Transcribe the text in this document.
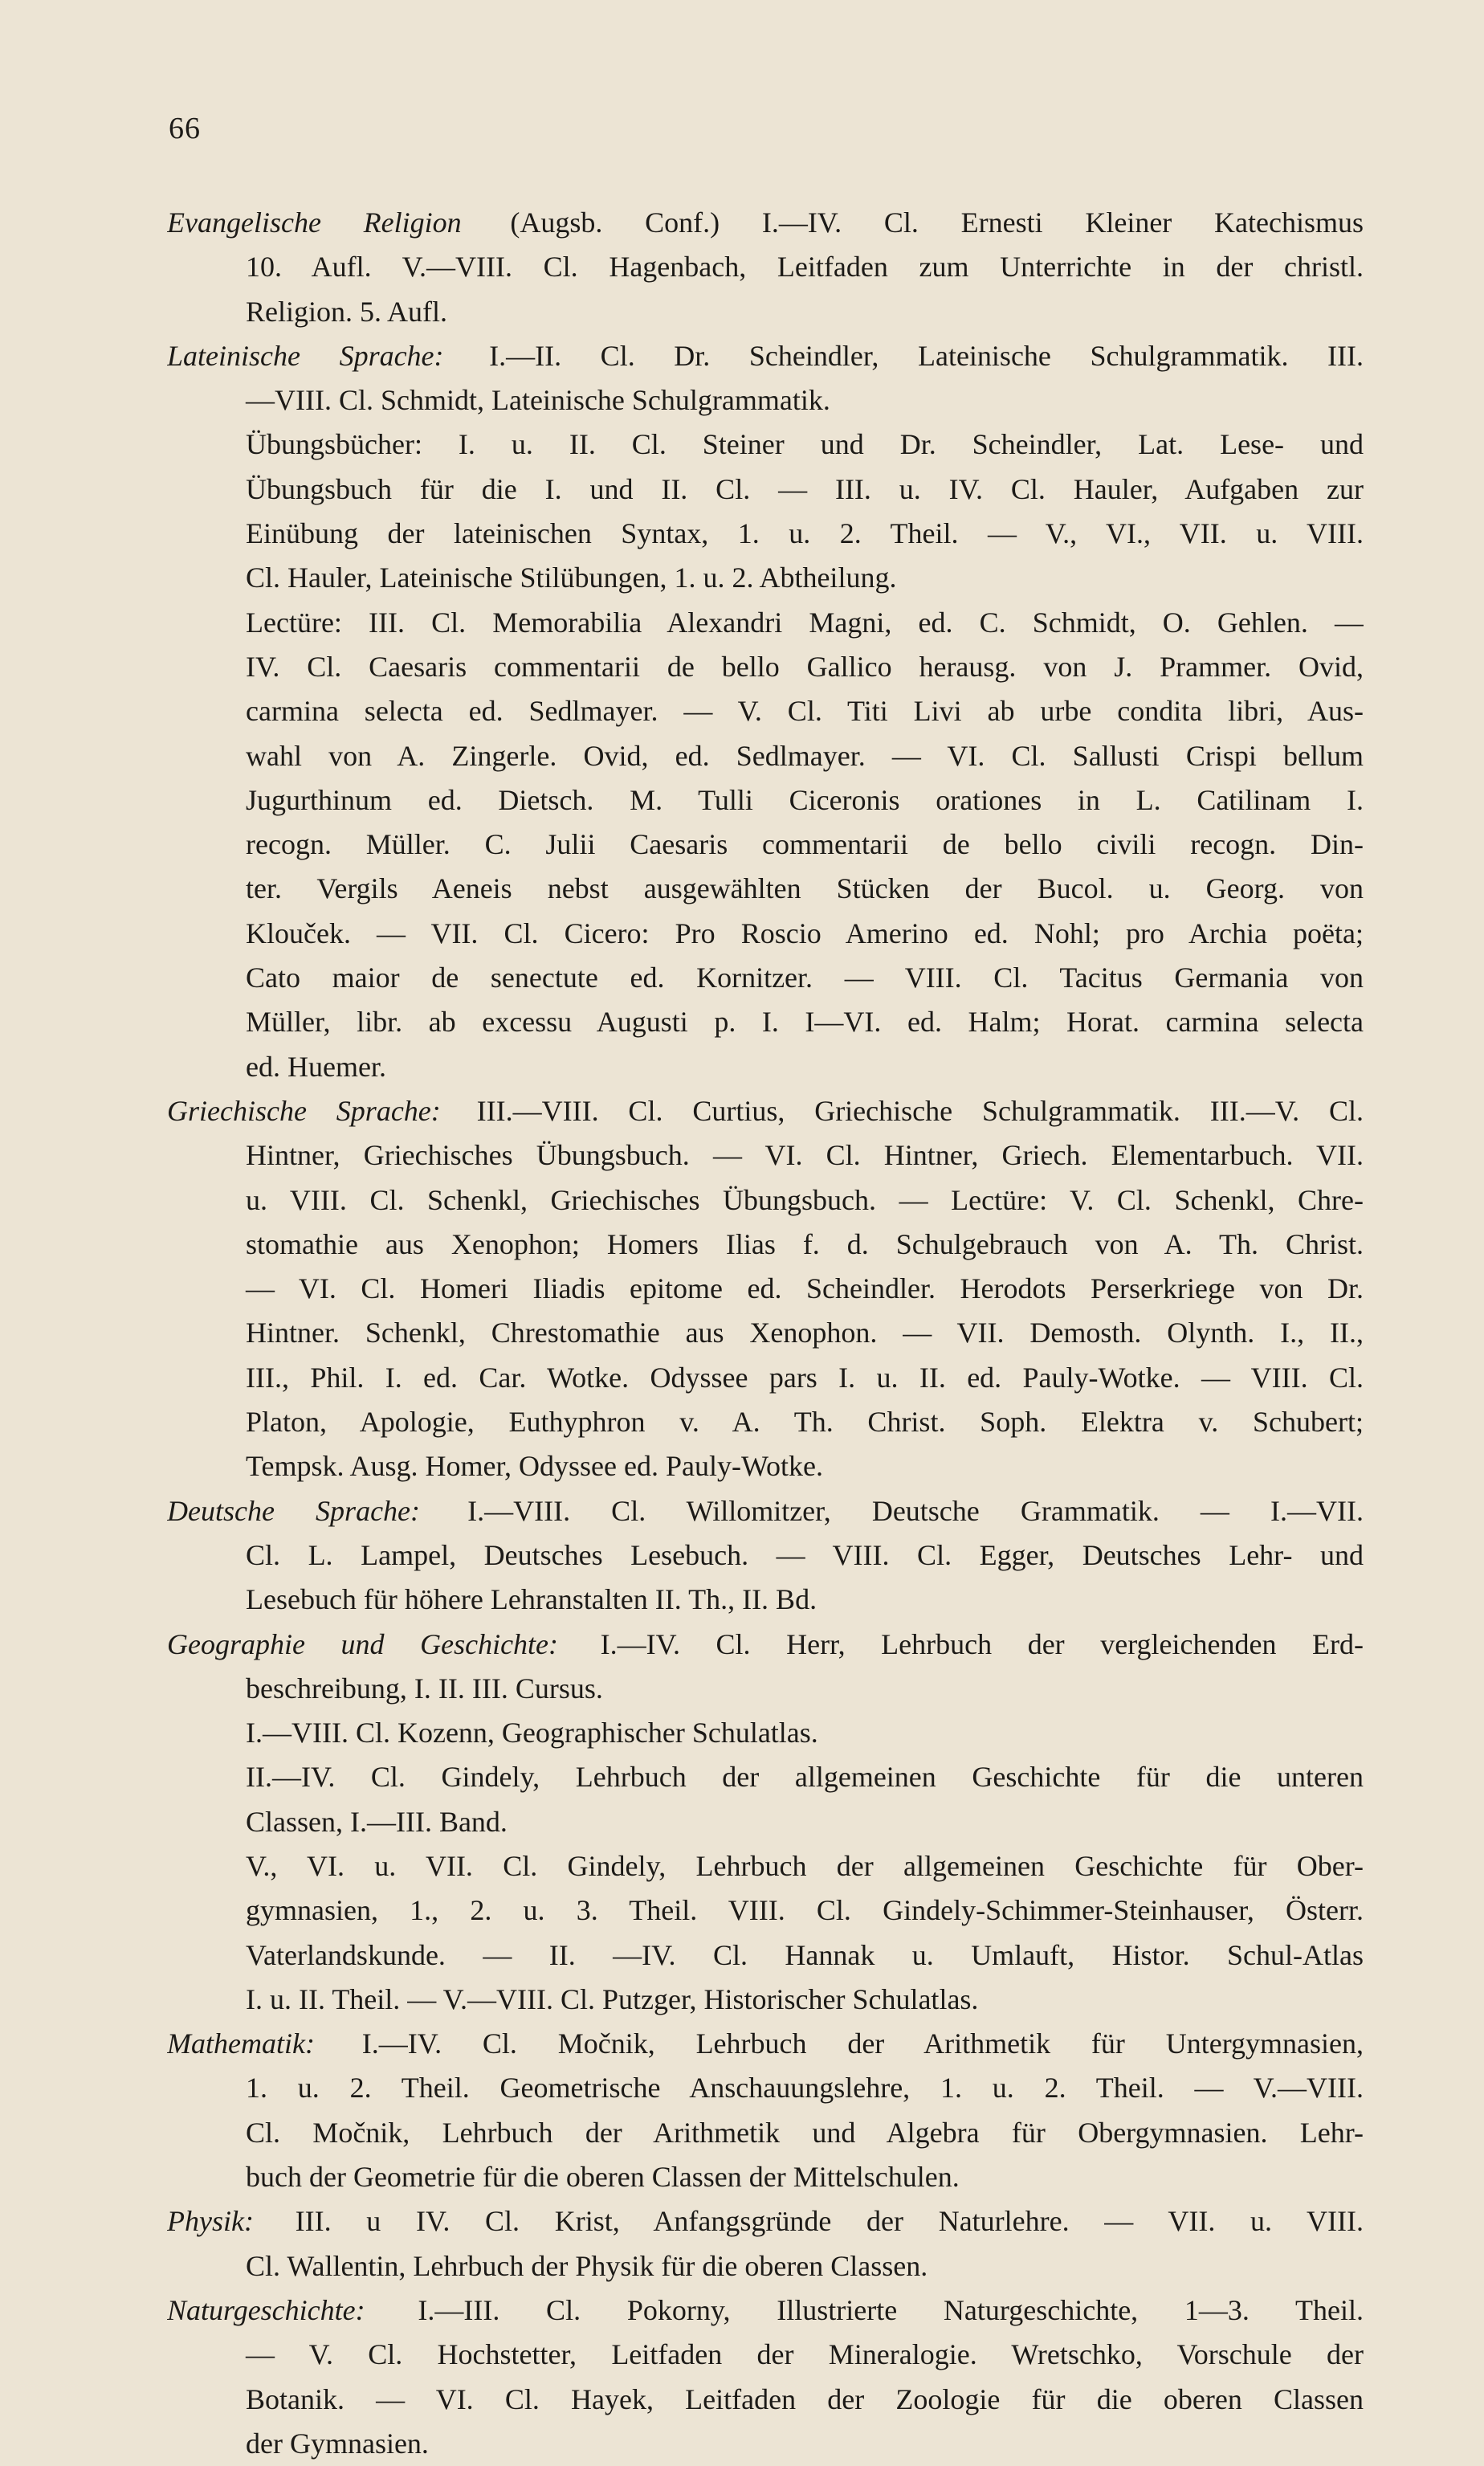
66
Evangelische Religion (Augsb. Conf.) I.—IV. Cl. Ernesti Kleiner Katechismus
10. Aufl. V.—VIII. Cl. Hagenbach, Leitfaden zum Unterrichte in der christl.
Religion. 5. Aufl.
Lateinische Sprache: I.—II. Cl. Dr. Scheindler, Lateinische Schulgrammatik. III.
—VIII. Cl. Schmidt, Lateinische Schulgrammatik.
Übungsbücher: I. u. II. Cl. Steiner und Dr. Scheindler, Lat. Lese- und
Übungsbuch für die I. und II. Cl. — III. u. IV. Cl. Hauler, Aufgaben zur
Einübung der lateinischen Syntax, 1. u. 2. Theil. — V., VI., VII. u. VIII.
Cl. Hauler, Lateinische Stilübungen, 1. u. 2. Abtheilung.
Lectüre: III. Cl. Memorabilia Alexandri Magni, ed. C. Schmidt, O. Gehlen. —
IV. Cl. Caesaris commentarii de bello Gallico herausg. von J. Prammer. Ovid,
carmina selecta ed. Sedlmayer. — V. Cl. Titi Livi ab urbe condita libri, Aus-
wahl von A. Zingerle. Ovid, ed. Sedlmayer. — VI. Cl. Sallusti Crispi bellum
Jugurthinum ed. Dietsch. M. Tulli Ciceronis orationes in L. Catilinam I.
recogn. Müller. C. Julii Caesaris commentarii de bello civili recogn. Din-
ter. Vergils Aeneis nebst ausgewählten Stücken der Bucol. u. Georg. von
Klouček. — VII. Cl. Cicero: Pro Roscio Amerino ed. Nohl; pro Archia poëta;
Cato maior de senectute ed. Kornitzer. — VIII. Cl. Tacitus Germania von
Müller, libr. ab excessu Augusti p. I. I—VI. ed. Halm; Horat. carmina selecta
ed. Huemer.
Griechische Sprache: III.—VIII. Cl. Curtius, Griechische Schulgrammatik. III.—V. Cl.
Hintner, Griechisches Übungsbuch. — VI. Cl. Hintner, Griech. Elementarbuch. VII.
u. VIII. Cl. Schenkl, Griechisches Übungsbuch. — Lectüre: V. Cl. Schenkl, Chre-
stomathie aus Xenophon; Homers Ilias f. d. Schulgebrauch von A. Th. Christ.
— VI. Cl. Homeri Iliadis epitome ed. Scheindler. Herodots Perserkriege von Dr.
Hintner. Schenkl, Chrestomathie aus Xenophon. — VII. Demosth. Olynth. I., II.,
III., Phil. I. ed. Car. Wotke. Odyssee pars I. u. II. ed. Pauly-Wotke. — VIII. Cl.
Platon, Apologie, Euthyphron v. A. Th. Christ. Soph. Elektra v. Schubert;
Tempsk. Ausg. Homer, Odyssee ed. Pauly-Wotke.
Deutsche Sprache: I.—VIII. Cl. Willomitzer, Deutsche Grammatik. — I.—VII.
Cl. L. Lampel, Deutsches Lesebuch. — VIII. Cl. Egger, Deutsches Lehr- und
Lesebuch für höhere Lehranstalten II. Th., II. Bd.
Geographie und Geschichte: I.—IV. Cl. Herr, Lehrbuch der vergleichenden Erd-
beschreibung, I. II. III. Cursus.
I.—VIII. Cl. Kozenn, Geographischer Schulatlas.
II.—IV. Cl. Gindely, Lehrbuch der allgemeinen Geschichte für die unteren
Classen, I.—III. Band.
V., VI. u. VII. Cl. Gindely, Lehrbuch der allgemeinen Geschichte für Ober-
gymnasien, 1., 2. u. 3. Theil. VIII. Cl. Gindely-Schimmer-Steinhauser, Österr.
Vaterlandskunde. — II. —IV. Cl. Hannak u. Umlauft, Histor. Schul-Atlas
I. u. II. Theil. — V.—VIII. Cl. Putzger, Historischer Schulatlas.
Mathematik: I.—IV. Cl. Močnik, Lehrbuch der Arithmetik für Untergymnasien,
1. u. 2. Theil. Geometrische Anschauungslehre, 1. u. 2. Theil. — V.—VIII.
Cl. Močnik, Lehrbuch der Arithmetik und Algebra für Obergymnasien. Lehr-
buch der Geometrie für die oberen Classen der Mittelschulen.
Physik: III. u IV. Cl. Krist, Anfangsgründe der Naturlehre. — VII. u. VIII.
Cl. Wallentin, Lehrbuch der Physik für die oberen Classen.
Naturgeschichte: I.—III. Cl. Pokorny, Illustrierte Naturgeschichte, 1—3. Theil.
— V. Cl. Hochstetter, Leitfaden der Mineralogie. Wretschko, Vorschule der
Botanik. — VI. Cl. Hayek, Leitfaden der Zoologie für die oberen Classen
der Gymnasien.
